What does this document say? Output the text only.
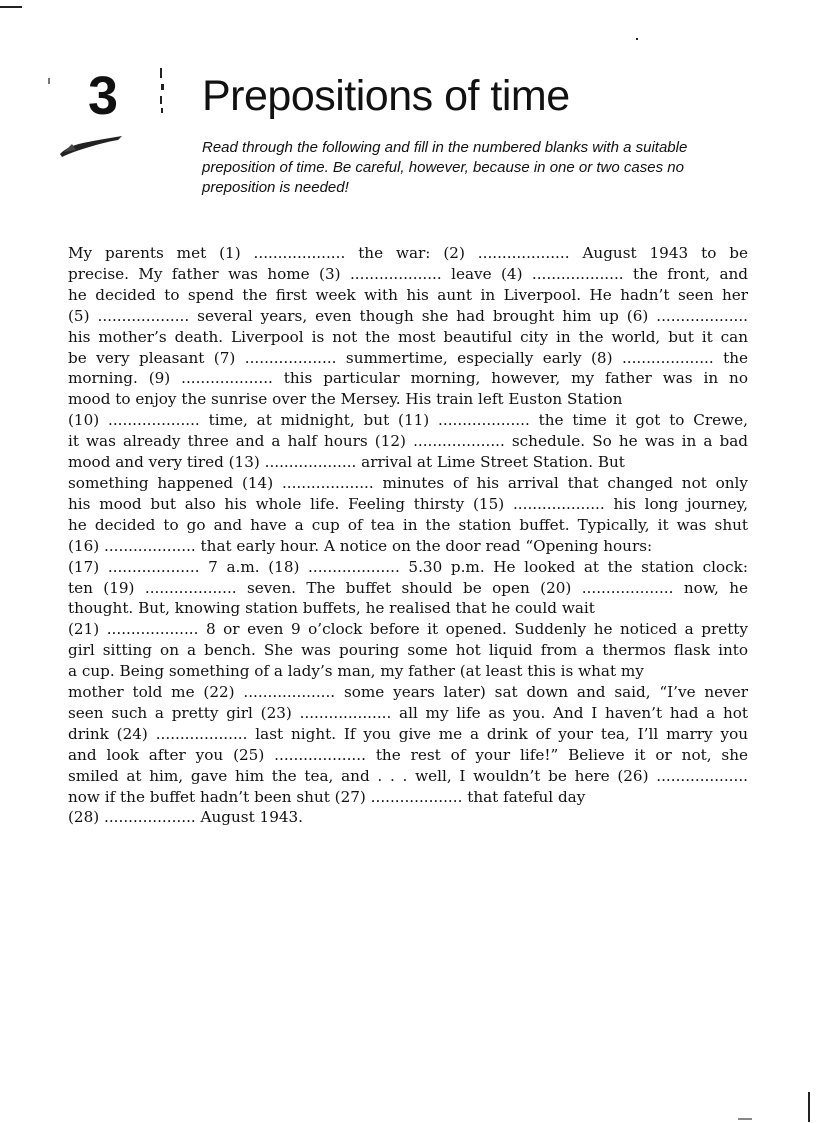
3 Prepositions of time
Read through the following and fill in the numbered blanks with a suitable preposition of time. Be careful, however, because in one or two cases no preposition is needed!
My parents met (1) ................... the war: (2) ................... August 1943 to be
precise. My father was home (3) ................... leave (4) ................... the front, and
he decided to spend the first week with his aunt in Liverpool. He hadn’t seen her
(5) ................... several years, even though she had brought him up (6) ...................
his mother’s death. Liverpool is not the most beautiful city in the world, but it can
be very pleasant (7) ................... summertime, especially early (8) ................... the
morning. (9) ................... this particular morning, however, my father was in no
mood to enjoy the sunrise over the Mersey. His train left Euston Station
(10) ................... time, at midnight, but (11) ................... the time it got to Crewe,
it was already three and a half hours (12) ................... schedule. So he was in a bad
mood and very tired (13) ................... arrival at Lime Street Station. But
something happened (14) ................... minutes of his arrival that changed not only
his mood but also his whole life. Feeling thirsty (15) ................... his long journey,
he decided to go and have a cup of tea in the station buffet. Typically, it was shut
(16) ................... that early hour. A notice on the door read “Opening hours:
(17) ................... 7 a.m. (18) ................... 5.30 p.m. He looked at the station clock:
ten (19) ................... seven. The buffet should be open (20) ................... now, he
thought. But, knowing station buffets, he realised that he could wait
(21) ................... 8 or even 9 o’clock before it opened. Suddenly he noticed a pretty
girl sitting on a bench. She was pouring some hot liquid from a thermos flask into
a cup. Being something of a lady’s man, my father (at least this is what my
mother told me (22) ................... some years later) sat down and said, “I’ve never
seen such a pretty girl (23) ................... all my life as you. And I haven’t had a hot
drink (24) ................... last night. If you give me a drink of your tea, I’ll marry you
and look after you (25) ................... the rest of your life!” Believe it or not, she
smiled at him, gave him the tea, and . . . well, I wouldn’t be here (26) ...................
now if the buffet hadn’t been shut (27) ................... that fateful day
(28) ................... August 1943.
